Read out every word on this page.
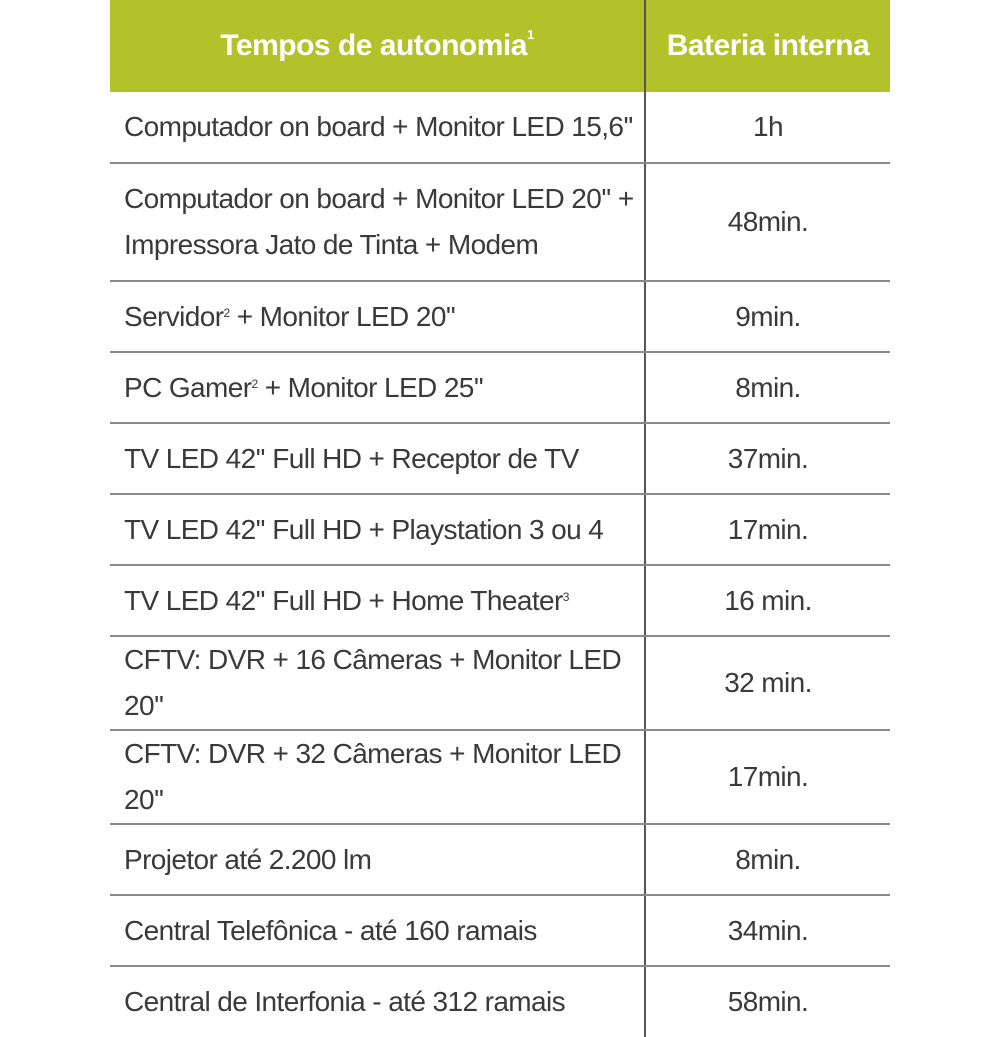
Tempos de autonomia$^1$	Bateria interna
Computador on board + Monitor LED 15,6''	1h

Computador on board + Monitor LED 20'' +
Impressora Jato de Tinta + Modem	48min.
Servidor$^2$ + Monitor LED 20''	9min.
PC Gamer$^2$ + Monitor LED 25''	8min.
TV LED 42'' Full HD + Receptor de TV	37min.
TV LED 42'' Full HD + Playstation 3 ou 4	17min.
TV LED 42'' Full HD + Home Theater$^3$	16 min.
CFTV: DVR + 16 Câmeras + Monitor LED 20''	32 min.
CFTV: DVR + 32 Câmeras + Monitor LED 20''	17min.
Projetor até 2.200 lm	8min.
Central Telefônica - até 160 ramais	34min.
Central de Interfonia - até 312 ramais	58min.
